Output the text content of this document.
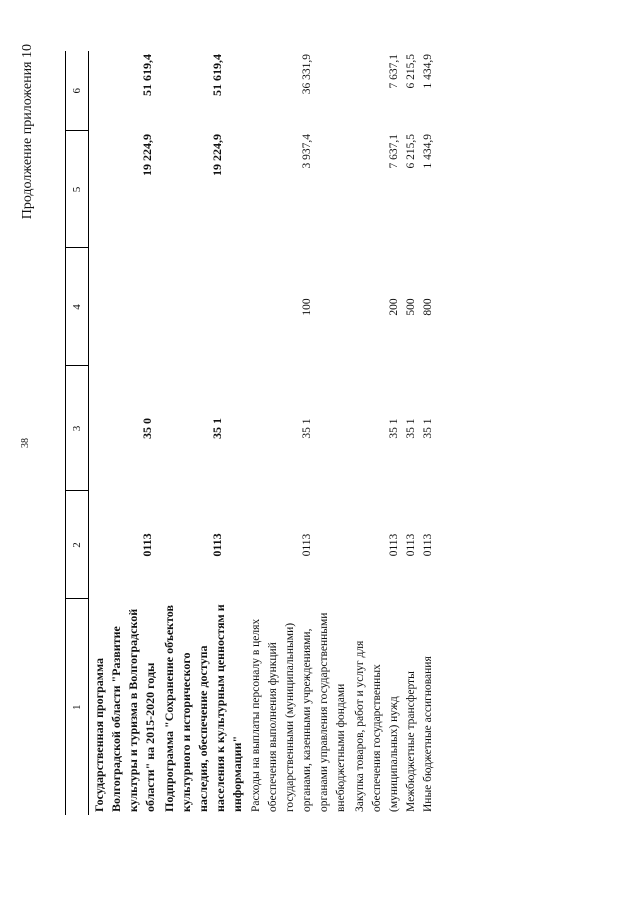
38
Продолжение приложения 10
1	2	3	4	5	6
Государственная программа Волгоградской области "Развитие культуры и туризма в Волгоградской области" на 2015-2020 годы	0113	35 0		19 224,9	51 619,4
Подпрограмма "Сохранение объектов культурного и исторического наследия, обеспечение доступа населения к культурным ценностям и информации"	0113	35 1		19 224,9	51 619,4
Расходы на выплаты персоналу в целях обеспечения выполнения функций государственными (муниципальными) органами, казенными учреждениями, органами управления государственными внебюджетными фондами	0113	35 1	100	3 937,4	36 331,9
Закупка товаров, работ и услуг для обеспечения государственных (муниципальных) нужд	0113	35 1	200	7 637,1	7 637,1
Межбюджетные трансферты	0113	35 1	500	6 215,5	6 215,5
Иные бюджетные ассигнования	0113	35 1	800	1 434,9	1 434,9
